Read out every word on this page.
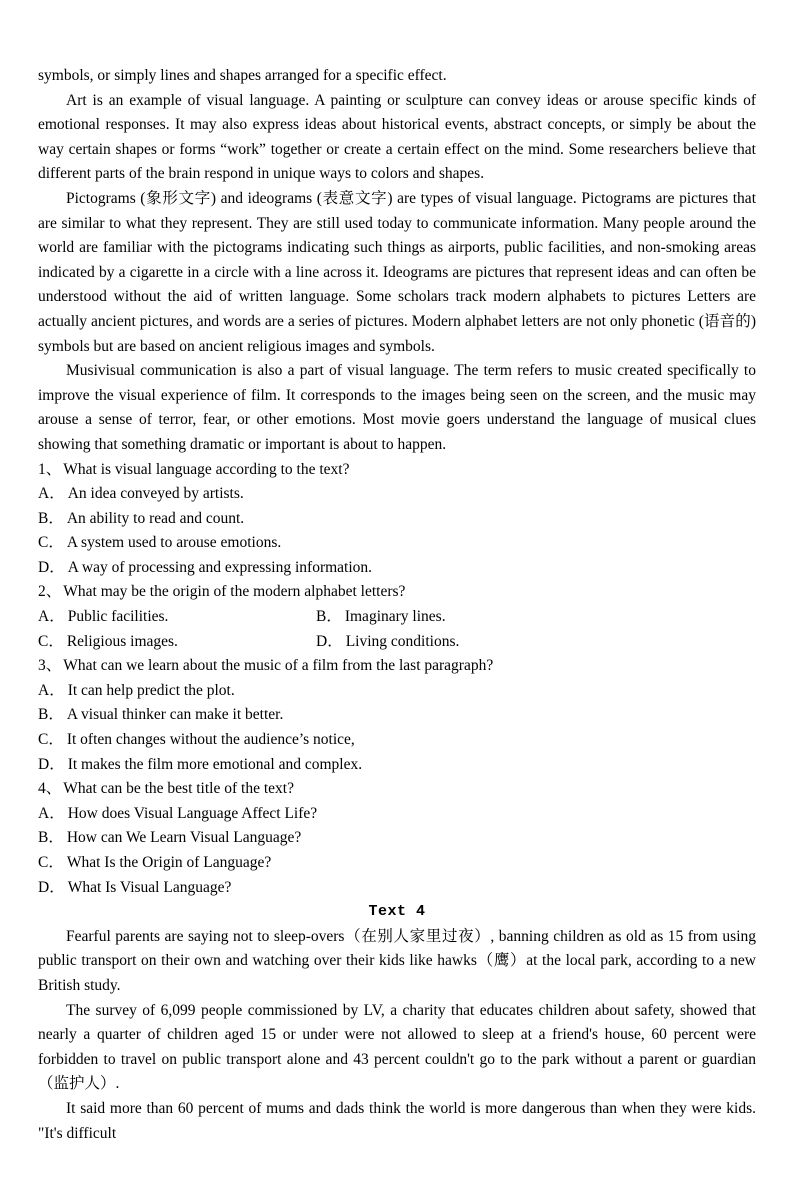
symbols, or simply lines and shapes arranged for a specific effect.

Art is an example of visual language. A painting or sculpture can convey ideas or arouse specific kinds of emotional responses. It may also express ideas about historical events, abstract concepts, or simply be about the way certain shapes or forms “work” together or create a certain effect on the mind. Some researchers believe that different parts of the brain respond in unique ways to colors and shapes.

Pictograms (象形文字) and ideograms (表意文字) are types of visual language. Pictograms are pictures that are similar to what they represent. They are still used today to communicate information. Many people around the world are familiar with the pictograms indicating such things as airports, public facilities, and non-smoking areas indicated by a cigarette in a circle with a line across it. Ideograms are pictures that represent ideas and can often be understood without the aid of written language. Some scholars track modern alphabets to pictures Letters are actually ancient pictures, and words are a series of pictures. Modern alphabet letters are not only phonetic (语音的) symbols but are based on ancient religious images and symbols.

Musivisual communication is also a part of visual language. The term refers to music created specifically to improve the visual experience of film. It corresponds to the images being seen on the screen, and the music may arouse a sense of terror, fear, or other emotions. Most movie goers understand the language of musical clues showing that something dramatic or important is about to happen.

1、 What is visual language according to the text?

A． An idea conveyed by artists.

B． An ability to read and count.

C． A system used to arouse emotions.

D． A way of processing and expressing information.

2、 What may be the origin of the modern alphabet letters?

A． Public facilities.	B． Imaginary lines.

C． Religious images.	D． Living conditions.

3、 What can we learn about the music of a film from the last paragraph?

A． It can help predict the plot.

B． A visual thinker can make it better.

C． It often changes without the audience’s notice,

D． It makes the film more emotional and complex.

4、 What can be the best title of the text?

A． How does Visual Language Affect Life?

B． How can We Learn Visual Language?

C． What Is the Origin of Language?

D． What Is Visual Language?

Text 4

Fearful parents are saying not to sleep-overs（在别人家里过夜）, banning children as old as 15 from using public transport on their own and watching over their kids like hawks（鹰）at the local park, according to a new British study.

The survey of 6,099 people commissioned by LV, a charity that educates children about safety, showed that nearly a quarter of children aged 15 or under were not allowed to sleep at a friend's house, 60 percent were forbidden to travel on public transport alone and 43 percent couldn't go to the park without a parent or guardian（监护人）.

It said more than 60 percent of mums and dads think the world is more dangerous than when they were kids. "It's difficult
